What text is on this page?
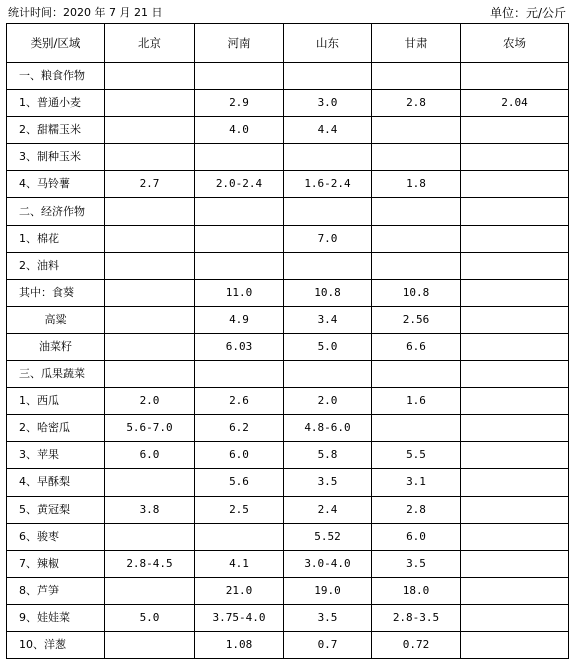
统计时间：2020 年 7 月 21 日	单位：元/公斤
类别/区域	北京	河南	山东	甘肃	农场
一、粮食作物					
1、普通小麦		2.9	3.0	2.8	2.04
2、甜糯玉米		4.0	4.4		
3、制种玉米					
4、马铃薯	2.7	2.0-2.4	1.6-2.4	1.8	
二、经济作物					
1、棉花			7.0		
2、油料					
其中：食葵		11.0	10.8	10.8	
高粱		4.9	3.4	2.56	
油菜籽		6.03	5.0	6.6	
三、瓜果蔬菜					
1、西瓜	2.0	2.6	2.0	1.6	
2、哈密瓜	5.6-7.0	6.2	4.8-6.0		
3、苹果	6.0	6.0	5.8	5.5	
4、早酥梨		5.6	3.5	3.1	
5、黄冠梨	3.8	2.5	2.4	2.8	
6、骏枣			5.52	6.0	
7、辣椒	2.8-4.5	4.1	3.0-4.0	3.5	
8、芦笋		21.0	19.0	18.0	
9、娃娃菜	5.0	3.75-4.0	3.5	2.8-3.5	
10、洋葱		1.08	0.7	0.72	
